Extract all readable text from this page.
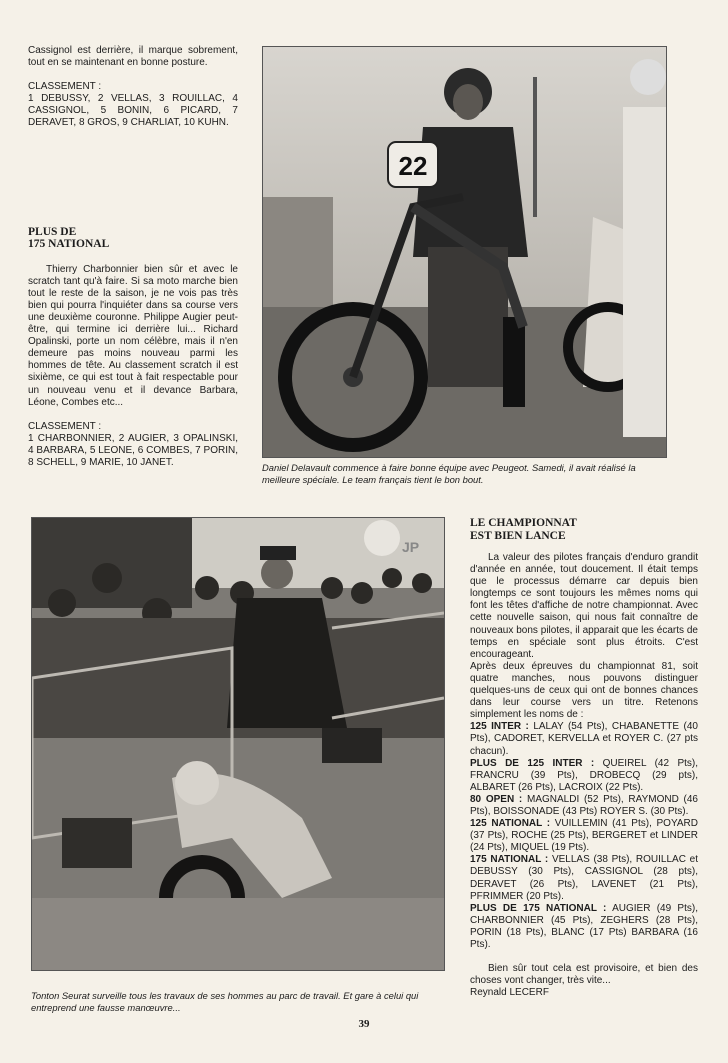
Cassignol est derrière, il marque sobrement, tout en se maintenant en bonne posture.

CLASSEMENT :

1 DEBUSSY, 2 VELLAS, 3 ROUILLAC, 4 CASSIGNOL, 5 BONIN, 6 PICARD, 7 DERAVET, 8 GROS, 9 CHARLIAT, 10 KUHN.

PLUS DE

175 NATIONAL

Thierry Charbonnier bien sûr et avec le scratch tant qu'à faire. Si sa moto marche bien tout le reste de la saison, je ne vois pas très bien qui pourra l'inquiéter dans sa course vers une deuxième couronne. Philippe Augier peut-être, qui termine ici derrière lui... Richard Opalinski, porte un nom célèbre, mais il n'en demeure pas moins nouveau parmi les hommes de tête. Au classement scratch il est sixième, ce qui est tout à fait respectable pour un nouveau venu et il devance Barbara, Léone, Combes etc...

CLASSEMENT :

1 CHARBONNIER, 2 AUGIER, 3 OPALINSKI, 4 BARBARA, 5 LEONE, 6 COMBES, 7 PORIN, 8 SCHELL, 9 MARIE, 10 JANET.

22
Daniel Delavault commence à faire bonne équipe avec Peugeot. Samedi, il avait réalisé la meilleure spéciale. Le team français tient le bon bout.
JP
Tonton Seurat surveille tous les travaux de ses hommes au parc de travail. Et gare à celui qui entreprend une fausse manœuvre...

LE CHAMPIONNAT

EST BIEN LANCE

La valeur des pilotes français d'enduro grandit d'année en année, tout doucement. Il était temps que le processus démarre car depuis bien longtemps ce sont toujours les mêmes noms qui font les têtes d'affiche de notre championnat. Avec cette nouvelle saison, qui nous fait connaître de nouveaux bons pilotes, il apparait que les écarts de temps en spéciale sont plus étroits. C'est encourageant.

Après deux épreuves du championnat 81, soit quatre manches, nous pouvons distinguer quelques-uns de ceux qui ont de bonnes chances dans leur course vers un titre. Retenons simplement les noms de :

125 INTER : LALAY (54 Pts), CHABANETTE (40 Pts), CADORET, KERVELLA et ROYER C. (27 pts chacun).

PLUS DE 125 INTER : QUEIREL (42 Pts), FRANCRU (39 Pts), DROBECQ (29 pts), ALBARET (26 Pts), LACROIX (22 Pts).

80 OPEN : MAGNALDI (52 Pts), RAYMOND (46 Pts), BOISSONADE (43 Pts) ROYER S. (30 Pts).

125 NATIONAL : VUILLEMIN (41 Pts), POYARD (37 Pts), ROCHE (25 Pts), BERGERET et LINDER (24 Pts), MIQUEL (19 Pts).

175 NATIONAL : VELLAS (38 Pts), ROUILLAC et DEBUSSY (30 Pts), CASSIGNOL (28 pts), DERAVET (26 Pts), LAVENET (21 Pts), PFRIMMER (20 Pts).

PLUS DE 175 NATIONAL : AUGIER (49 Pts), CHARBONNIER (45 Pts), ZEGHERS (28 Pts), PORIN (18 Pts), BLANC (17 Pts) BARBARA (16 Pts).

Bien sûr tout cela est provisoire, et bien des choses vont changer, très vite...

Reynald LECERF

39
